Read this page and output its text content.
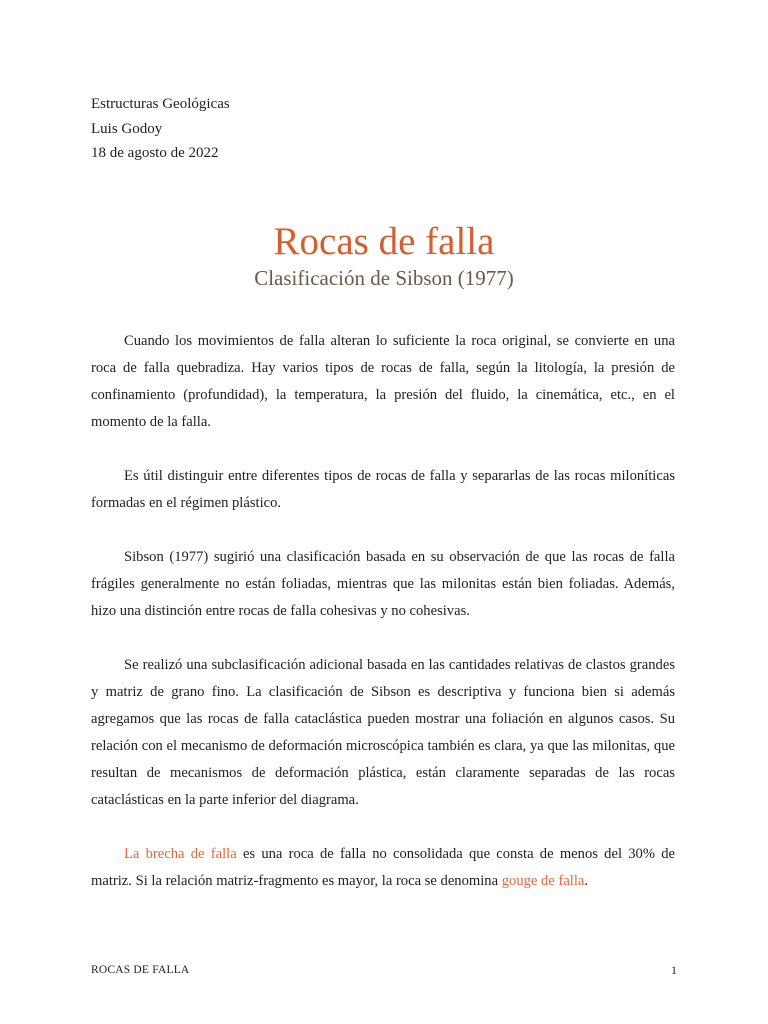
Estructuras Geológicas
Luis Godoy
18 de agosto de 2022
Rocas de falla
Clasificación de Sibson (1977)

Cuando los movimientos de falla alteran lo suficiente la roca original, se convierte en una roca de falla quebradiza. Hay varios tipos de rocas de falla, según la litología, la presión de confinamiento (profundidad), la temperatura, la presión del fluido, la cinemática, etc., en el momento de la falla.

Es útil distinguir entre diferentes tipos de rocas de falla y separarlas de las rocas miloníticas formadas en el régimen plástico.

Sibson (1977) sugirió una clasificación basada en su observación de que las rocas de falla frágiles generalmente no están foliadas, mientras que las milonitas están bien foliadas. Además, hizo una distinción entre rocas de falla cohesivas y no cohesivas.

Se realizó una subclasificación adicional basada en las cantidades relativas de clastos grandes y matriz de grano fino. La clasificación de Sibson es descriptiva y funciona bien si además agregamos que las rocas de falla cataclástica pueden mostrar una foliación en algunos casos. Su relación con el mecanismo de deformación microscópica también es clara, ya que las milonitas, que resultan de mecanismos de deformación plástica, están claramente separadas de las rocas cataclásticas en la parte inferior del diagrama.

La brecha de falla es una roca de falla no consolidada que consta de menos del 30% de matriz. Si la relación matriz-fragmento es mayor, la roca se denomina gouge de falla.

ROCAS DE FALLA	1
